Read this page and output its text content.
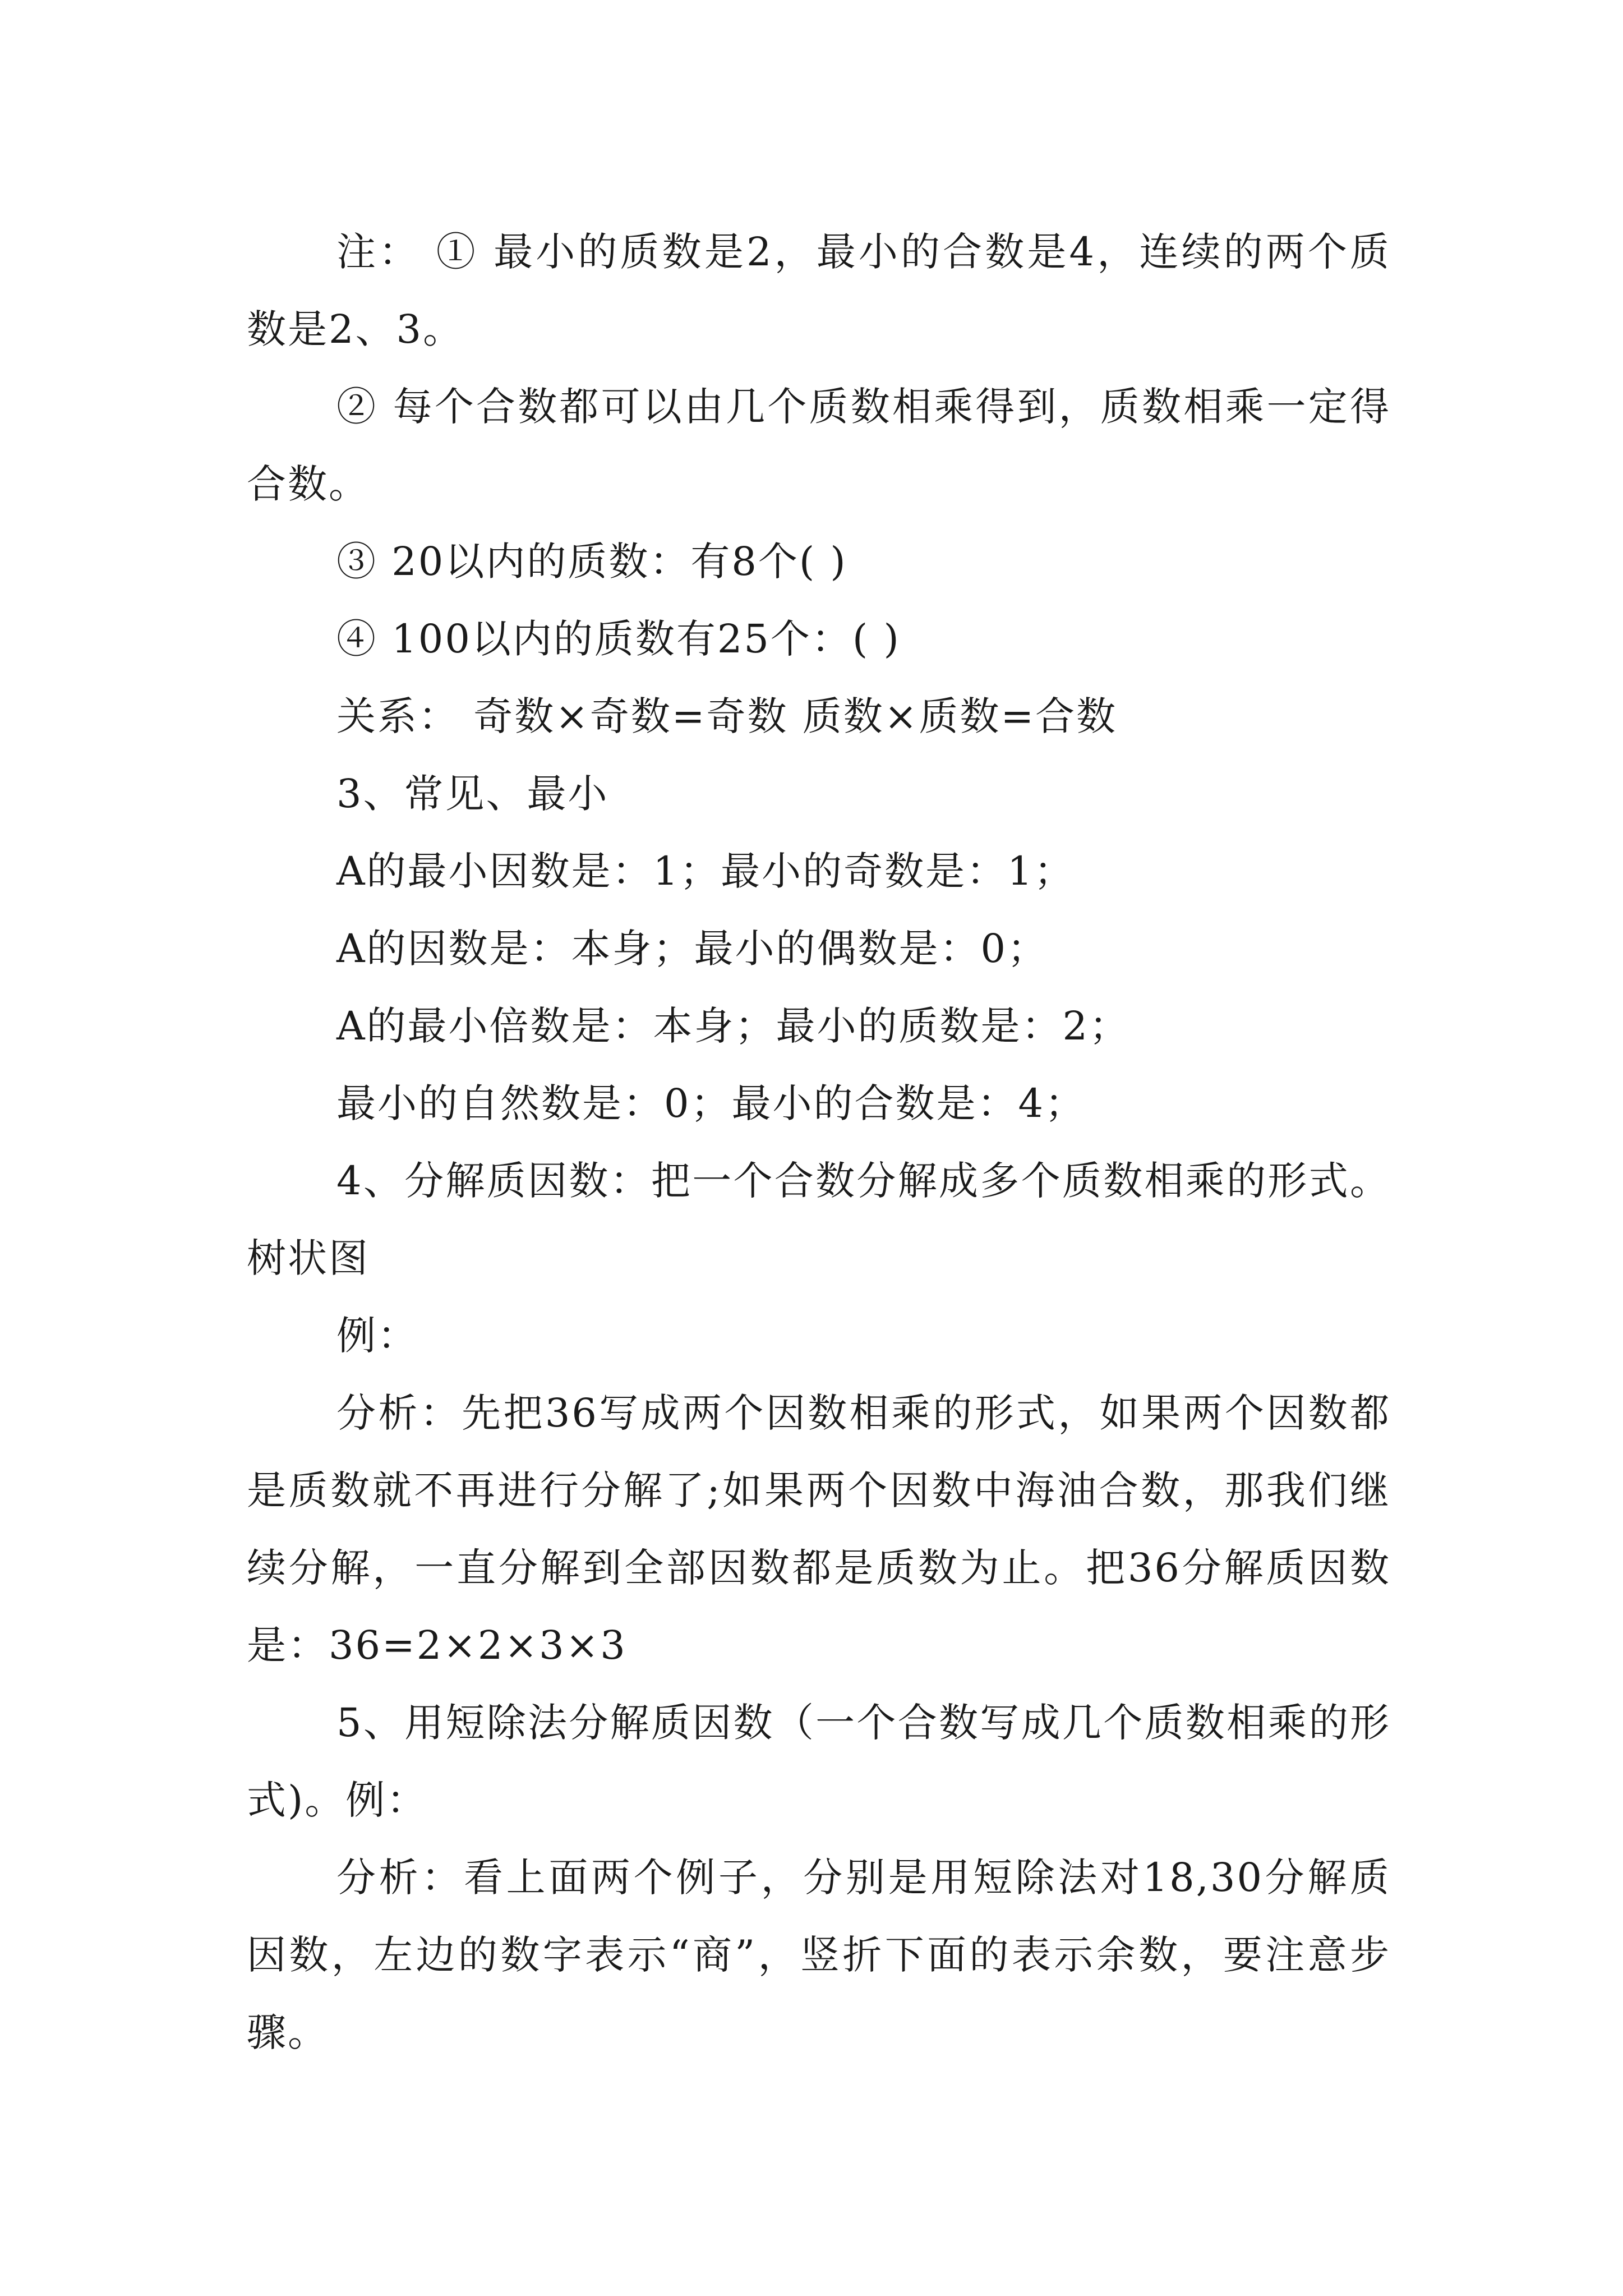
注： ① 最小的质数是2，最小的合数是4，连续的两个质数是2、3。

② 每个合数都可以由几个质数相乘得到，质数相乘一定得合数。

③ 20以内的质数：有8个( )

④ 100以内的质数有25个：( )

关系： 奇数×奇数=奇数 质数×质数=合数

3、常见、最小

A的最小因数是：1；最小的奇数是：1；

A的因数是：本身；最小的偶数是：0；

A的最小倍数是：本身；最小的质数是：2；

最小的自然数是：0；最小的合数是：4；

4、分解质因数：把一个合数分解成多个质数相乘的形式。树状图

例：

分析：先把36写成两个因数相乘的形式，如果两个因数都是质数就不再进行分解了;如果两个因数中海油合数，那我们继续分解，一直分解到全部因数都是质数为止。把36分解质因数是：36=2×2×3×3

5、用短除法分解质因数（一个合数写成几个质数相乘的形式)。例：

分析：看上面两个例子，分别是用短除法对18,30分解质因数，左边的数字表示“商”，竖折下面的表示余数，要注意步骤。
